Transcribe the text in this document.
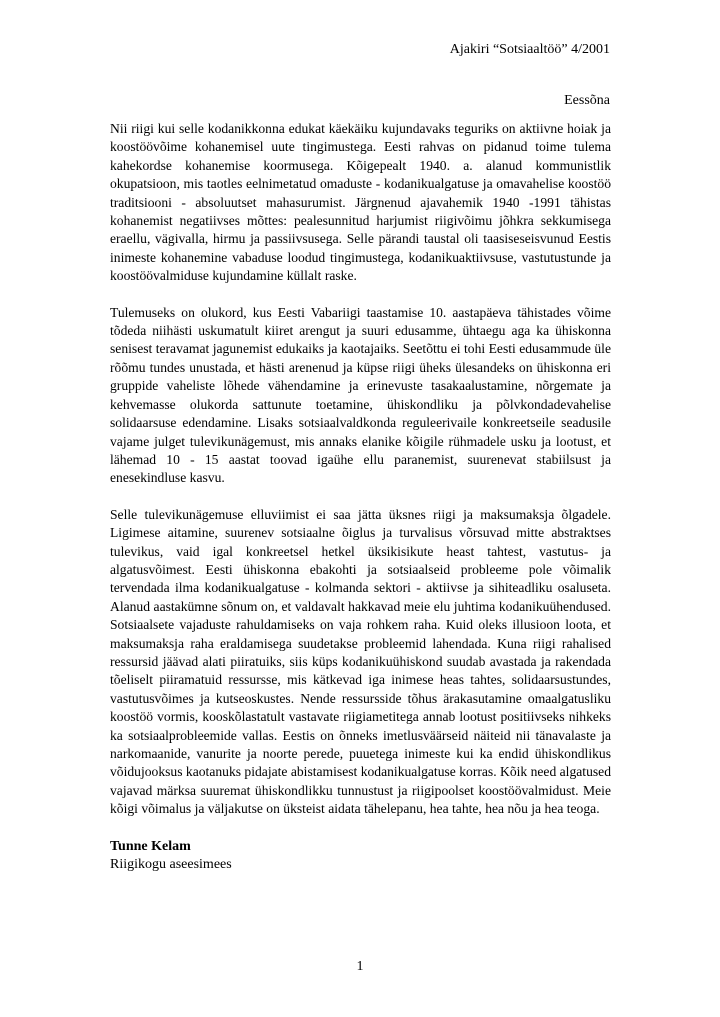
Ajakiri “Sotsiaaltöö” 4/2001
Eessõna

Nii riigi kui selle kodanikkonna edukat käekäiku kujundavaks teguriks on aktiivne hoiak ja koostöövõime kohanemisel uute tingimustega. Eesti rahvas on pidanud toime tulema kahekordse kohanemise koormusega. Kõigepealt 1940. a. alanud kommunistlik okupatsioon, mis taotles eelnimetatud omaduste - kodanikualgatuse ja omavahelise koostöö traditsiooni - absoluutset mahasurumist. Järgnenud ajavahemik 1940 -1991 tähistas kohanemist negatiivses mõttes: pealesunnitud harjumist riigivõimu jõhkra sekkumisega eraellu, vägivalla, hirmu ja passiivsusega. Selle pärandi taustal oli taasiseseisvunud Eestis inimeste kohanemine vabaduse loodud tingimustega, kodanikuaktiivsuse, vastutustunde ja koostöövalmiduse kujundamine küllalt raske.

Tulemuseks on olukord, kus Eesti Vabariigi taastamise 10. aastapäeva tähistades võime tõdeda niihästi uskumatult kiiret arengut ja suuri edusamme, ühtaegu aga ka ühiskonna senisest teravamat jagunemist edukaiks ja kaotajaiks. Seetõttu ei tohi Eesti edusammude üle rõõmu tundes unustada, et hästi arenenud ja küpse riigi üheks ülesandeks on ühiskonna eri gruppide vaheliste lõhede vähendamine ja erinevuste tasakaalustamine, nõrgemate ja kehvemasse olukorda sattunute toetamine, ühiskondliku ja põlvkondadevahelise solidaarsuse edendamine. Lisaks sotsiaalvaldkonda reguleerivaile konkreetseile seadusile vajame julget tulevikunägemust, mis annaks elanike kõigile rühmadele usku ja lootust, et lähemad 10 - 15 aastat toovad igaühe ellu paranemist, suurenevat stabiilsust ja enesekindluse kasvu.

Selle tulevikunägemuse elluviimist ei saa jätta üksnes riigi ja maksumaksja õlgadele. Ligimese aitamine, suurenev sotsiaalne õiglus ja turvalisus võrsuvad mitte abstraktses tulevikus, vaid igal konkreetsel hetkel üksikisikute heast tahtest, vastutus- ja algatusvõimest. Eesti ühiskonna ebakohti ja sotsiaalseid probleeme pole võimalik tervendada ilma kodanikualgatuse - kolmanda sektori - aktiivse ja sihiteadliku osaluseta. Alanud aastakümne sõnum on, et valdavalt hakkavad meie elu juhtima kodanikuühendused. Sotsiaalsete vajaduste rahuldamiseks on vaja rohkem raha. Kuid oleks illusioon loota, et maksumaksja raha eraldamisega suudetakse probleemid lahendada. Kuna riigi rahalised ressursid jäävad alati piiratuiks, siis küps kodanikuühiskond suudab avastada ja rakendada tõeliselt piiramatuid ressursse, mis kätkevad iga inimese heas tahtes, solidaarsustundes, vastutusvõimes ja kutseoskustes. Nende ressursside tõhus ärakasutamine omaalgatusliku koostöö vormis, kooskõlastatult vastavate riigiametitega annab lootust positiivseks nihkeks ka sotsiaalprobleemide vallas. Eestis on õnneks imetlusväärseid näiteid nii tänavalaste ja narkomaanide, vanurite ja noorte perede, puuetega inimeste kui ka endid ühiskondlikus võidujooksus kaotanuks pidajate abistamisest kodanikualgatuse korras. Kõik need algatused vajavad märksa suuremat ühiskondlikku tunnustust ja riigipoolset koostöövalmidust. Meie kõigi võimalus ja väljakutse on üksteist aidata tähelepanu, hea tahte, hea nõu ja hea teoga.

Tunne Kelam
Riigikogu aseesimees
1
